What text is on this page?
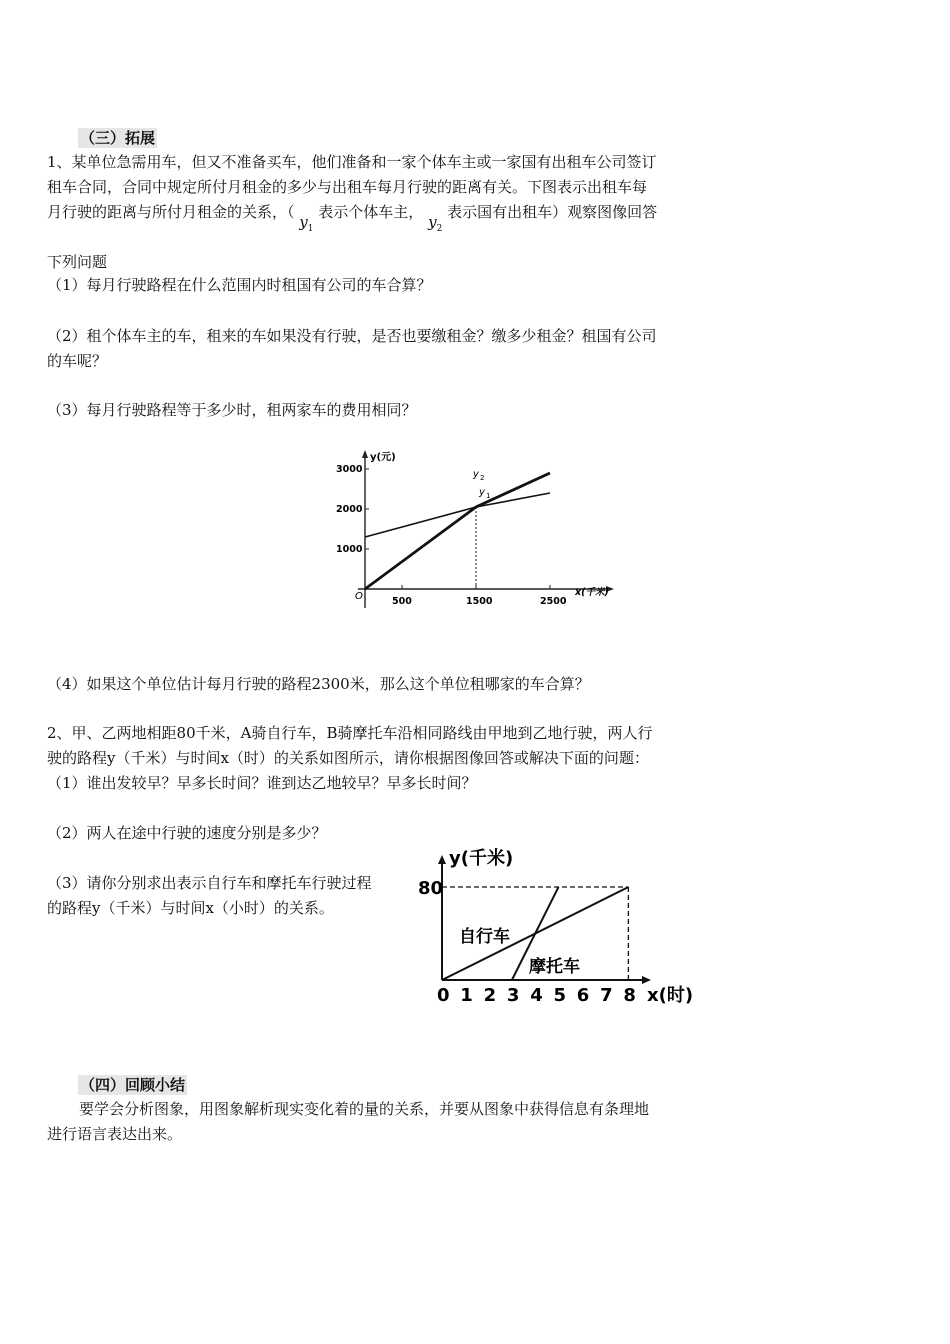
（三）拓展
1、某单位急需用车，但又不准备买车，他们准备和一家个体车主或一家国有出租车公司签订
租车合同，合同中规定所付月租金的多少与出租车每月行驶的距离有关。下图表示出租车每
月行驶的距离与所付月租金的关系，（ $y_1$ 表示个体车主， $y_2$ 表示国有出租车）观察图像回答
下列问题
（1）每月行驶路程在什么范围内时租国有公司的车合算？
（2）租个体车主的车，租来的车如果没有行驶，是否也要缴租金？缴多少租金？租国有公司
的车呢？
（3）每月行驶路程等于多少时，租两家车的费用相同？
3000
2000
1000
500	1500	2500
O
y(元)
x(千米)
y 2
y 1
（4）如果这个单位估计每月行驶的路程2300米，那么这个单位租哪家的车合算？
2、甲、乙两地相距80千米，A骑自行车，B骑摩托车沿相同路线由甲地到乙地行驶，两人行
驶的路程y（千米）与时间x（时）的关系如图所示，请你根据图像回答或解决下面的问题：
（1）谁出发较早？早多长时间？谁到达乙地较早？早多长时间？
（2）两人在途中行驶的速度分别是多少？
（3）请你分别求出表示自行车和摩托车行驶过程
的路程y（千米）与时间x（小时）的关系。
80
y(千米)
0 1 2 3 4 5 6 7 8 x(时)
自行车
摩托车
（四）回顾小结
要学会分析图象，用图象解析现实变化着的量的关系，并要从图象中获得信息有条理地
进行语言表达出来。
